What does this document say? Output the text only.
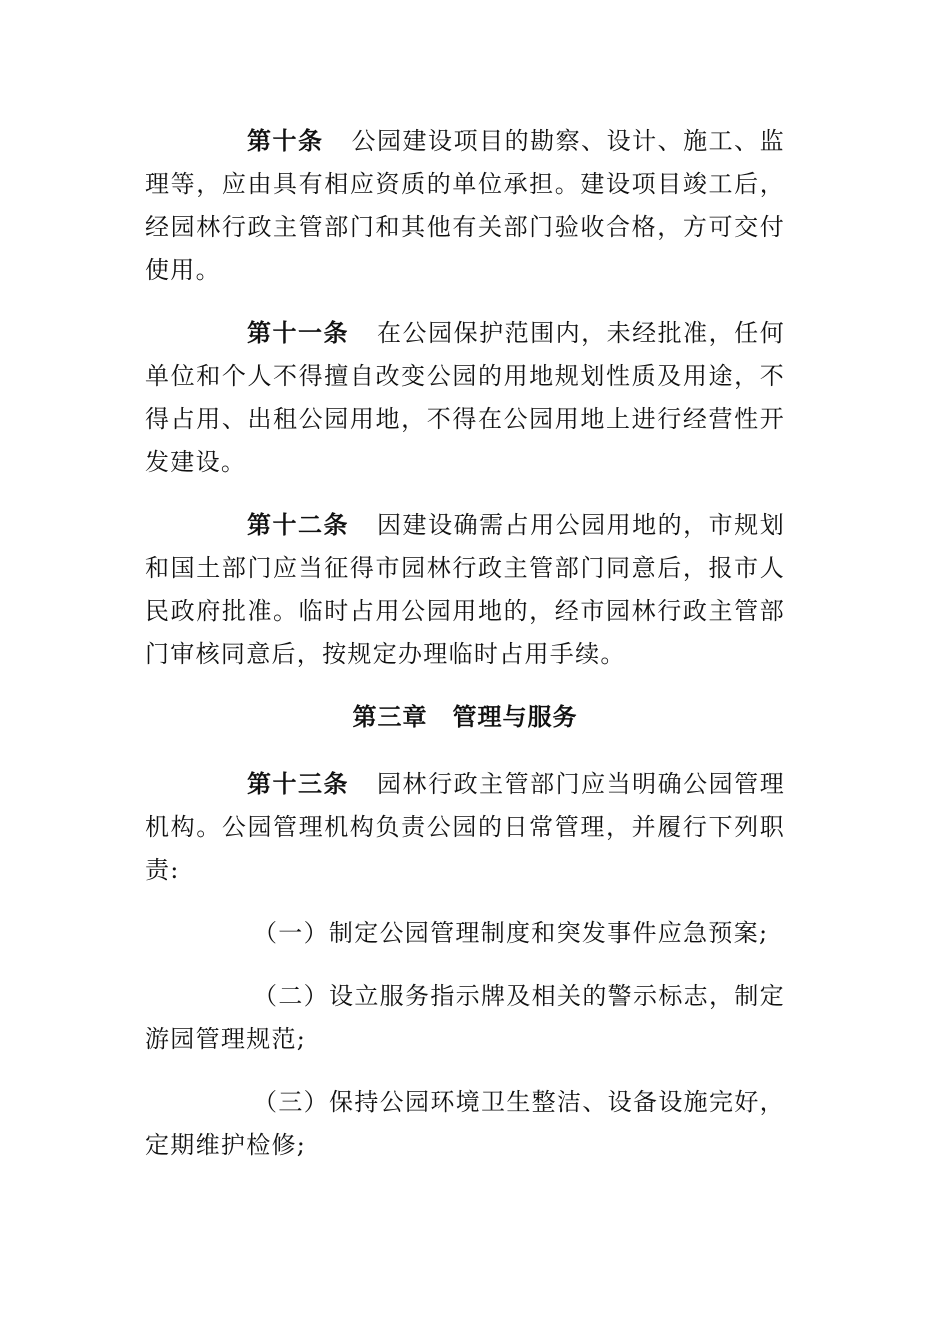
第十条 公园建设项目的勘察、设计、施工、监理等，应由具有相应资质的单位承担。建设项目竣工后，经园林行政主管部门和其他有关部门验收合格，方可交付使用。

第十一条 在公园保护范围内，未经批准，任何单位和个人不得擅自改变公园的用地规划性质及用途，不得占用、出租公园用地，不得在公园用地上进行经营性开发建设。

第十二条 因建设确需占用公园用地的，市规划和国土部门应当征得市园林行政主管部门同意后，报市人民政府批准。临时占用公园用地的，经市园林行政主管部门审核同意后，按规定办理临时占用手续。

第三章　管理与服务

第十三条 园林行政主管部门应当明确公园管理机构。公园管理机构负责公园的日常管理，并履行下列职责:

（一）制定公园管理制度和突发事件应急预案;

（二）设立服务指示牌及相关的警示标志，制定游园管理规范;

（三）保持公园环境卫生整洁、设备设施完好，定期维护检修;
